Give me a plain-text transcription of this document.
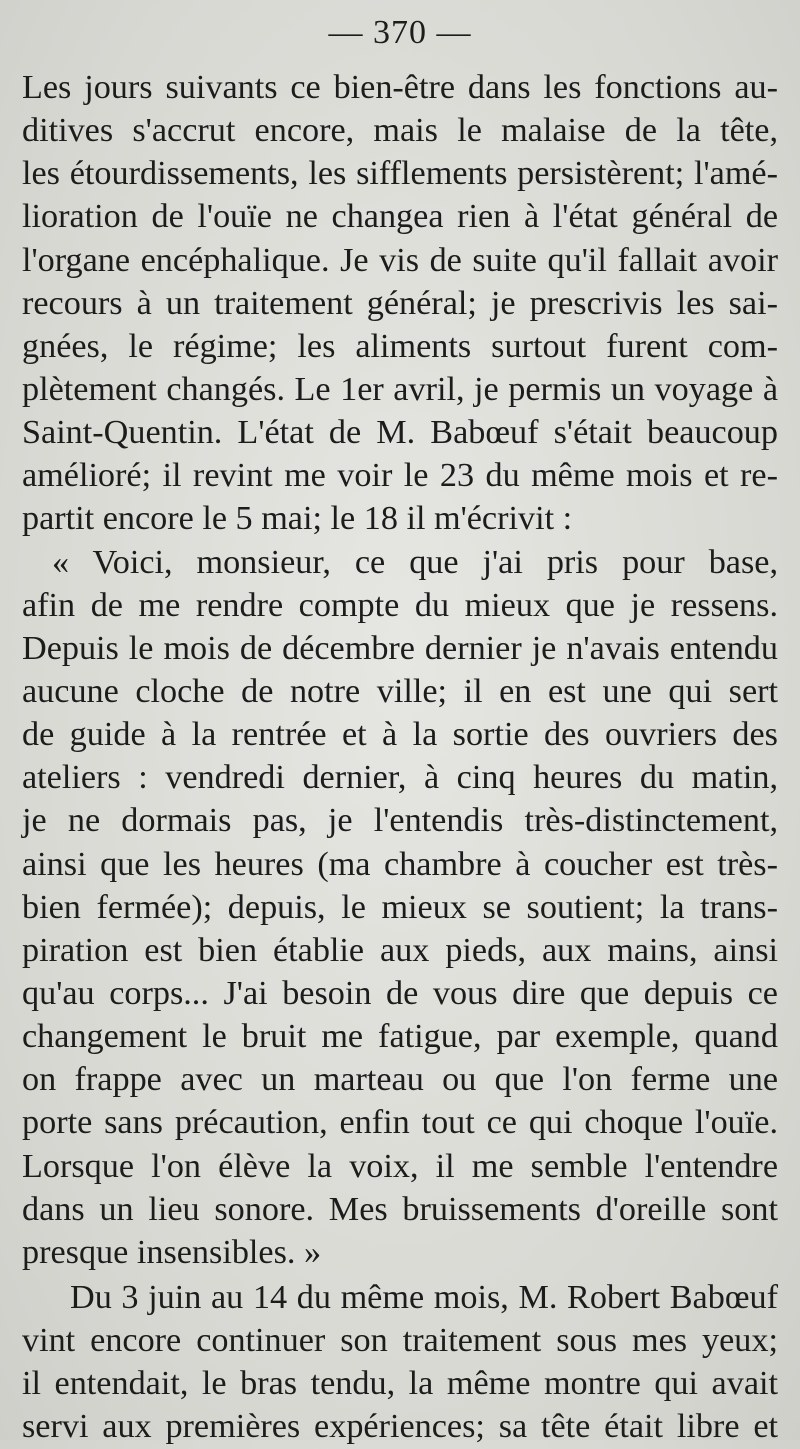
— 370 —
Les jours suivants ce bien-être dans les fonctions au-
ditives s'accrut encore, mais le malaise de la tête,
les étourdissements, les sifflements persistèrent; l'amé-
lioration de l'ouïe ne changea rien à l'état général de
l'organe encéphalique. Je vis de suite qu'il fallait avoir
recours à un traitement général; je prescrivis les sai-
gnées, le régime; les aliments surtout furent com-
plètement changés. Le 1er avril, je permis un voyage à
Saint-Quentin. L'état de M. Babœuf s'était beaucoup
amélioré; il revint me voir le 23 du même mois et re-
partit encore le 5 mai; le 18 il m'écrivit :
« Voici, monsieur, ce que j'ai pris pour base,
afin de me rendre compte du mieux que je ressens.
Depuis le mois de décembre dernier je n'avais entendu
aucune cloche de notre ville; il en est une qui sert
de guide à la rentrée et à la sortie des ouvriers des
ateliers : vendredi dernier, à cinq heures du matin,
je ne dormais pas, je l'entendis très-distinctement,
ainsi que les heures (ma chambre à coucher est très-
bien fermée); depuis, le mieux se soutient; la trans-
piration est bien établie aux pieds, aux mains, ainsi
qu'au corps... J'ai besoin de vous dire que depuis ce
changement le bruit me fatigue, par exemple, quand
on frappe avec un marteau ou que l'on ferme une
porte sans précaution, enfin tout ce qui choque l'ouïe.
Lorsque l'on élève la voix, il me semble l'entendre
dans un lieu sonore. Mes bruissements d'oreille sont
presque insensibles. »
Du 3 juin au 14 du même mois, M. Robert Babœuf
vint encore continuer son traitement sous mes yeux;
il entendait, le bras tendu, la même montre qui avait
servi aux premières expériences; sa tête était libre et
